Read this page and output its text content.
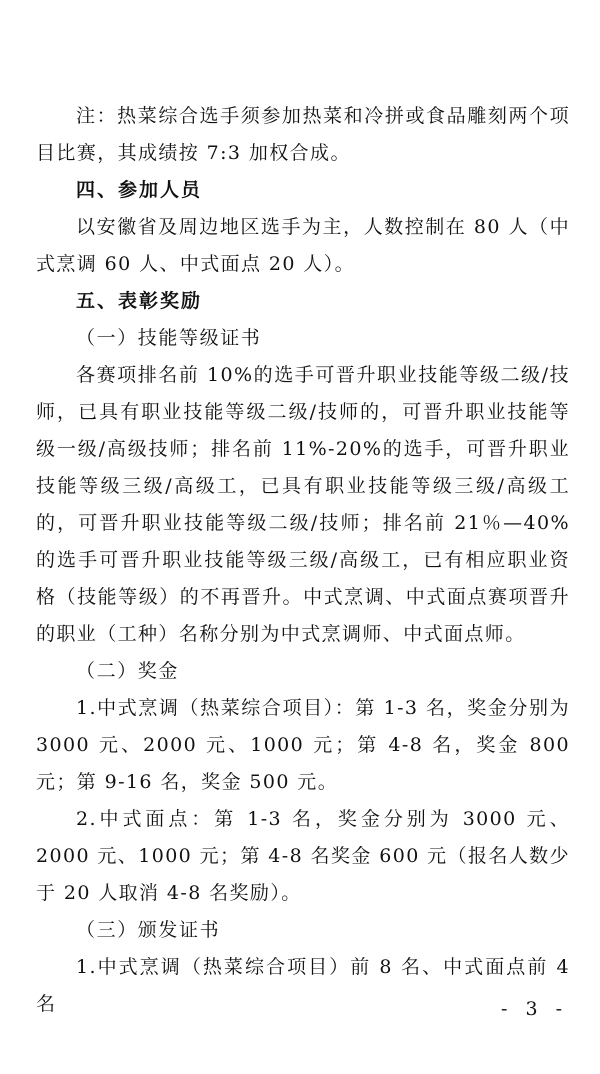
注：热菜综合选手须参加热菜和冷拼或食品雕刻两个项目比赛，其成绩按 7:3 加权合成。

四、参加人员

以安徽省及周边地区选手为主，人数控制在 80 人（中式烹调 60 人、中式面点 20 人）。

五、表彰奖励

（一）技能等级证书

各赛项排名前 10%的选手可晋升职业技能等级二级/技师，已具有职业技能等级二级/技师的，可晋升职业技能等级一级/高级技师；排名前 11%-20%的选手，可晋升职业技能等级三级/高级工，已具有职业技能等级三级/高级工的，可晋升职业技能等级二级/技师；排名前 21％—40%的选手可晋升职业技能等级三级/高级工，已有相应职业资格（技能等级）的不再晋升。中式烹调、中式面点赛项晋升的职业（工种）名称分别为中式烹调师、中式面点师。

（二）奖金

1.中式烹调（热菜综合项目）：第 1-3 名，奖金分别为 3000 元、2000 元、1000 元；第 4-8 名，奖金 800 元；第 9-16 名，奖金 500 元。

2.中式面点：第 1-3 名，奖金分别为 3000 元、2000 元、1000 元；第 4-8 名奖金 600 元（报名人数少于 20 人取消 4-8 名奖励）。

（三）颁发证书

1.中式烹调（热菜综合项目）前 8 名、中式面点前 4 名	- 3 -
